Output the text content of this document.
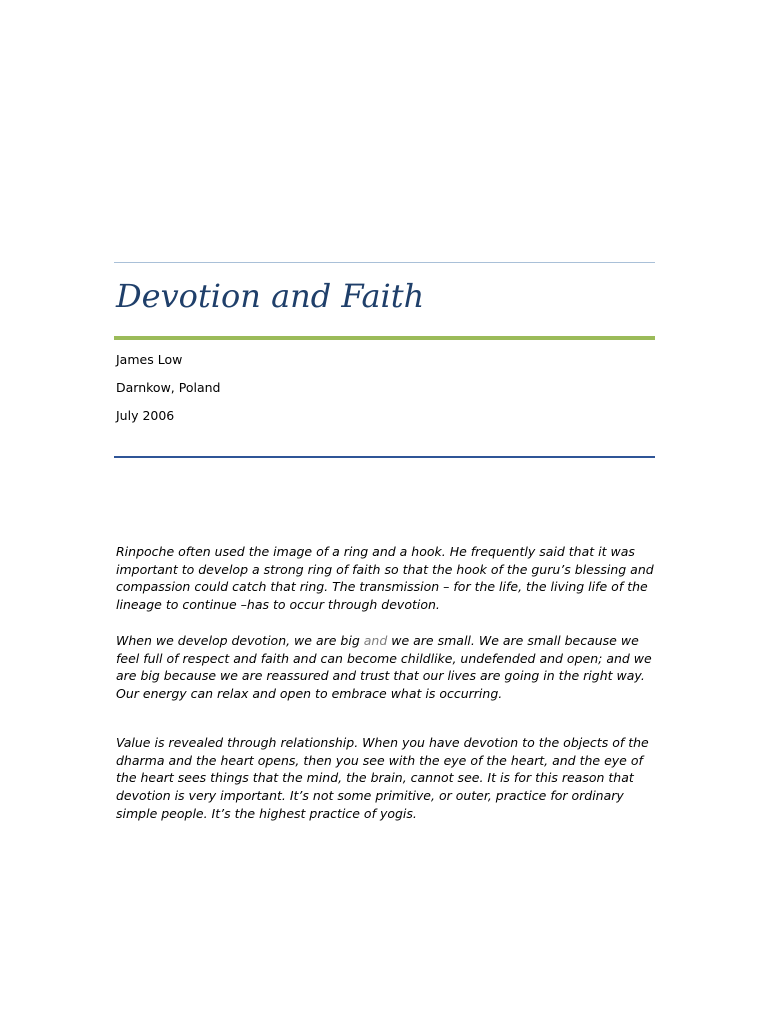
Devotion and Faith
James Low
Darnkow, Poland
July 2006

Rinpoche often used the image of a ring and a hook. He frequently said that it was
important to develop a strong ring of faith so that the hook of the guru’s blessing and
compassion could catch that ring. The transmission – for the life, the living life of the
lineage to continue –has to occur through devotion.

When we develop devotion, we are big and we are small. We are small because we
feel full of respect and faith and can become childlike, undefended and open; and we
are big because we are reassured and trust that our lives are going in the right way.
Our energy can relax and open to embrace what is occurring.

Value is revealed through relationship. When you have devotion to the objects of the
dharma and the heart opens, then you see with the eye of the heart, and the eye of
the heart sees things that the mind, the brain, cannot see. It is for this reason that
devotion is very important. It’s not some primitive, or outer, practice for ordinary
simple people. It’s the highest practice of yogis.
